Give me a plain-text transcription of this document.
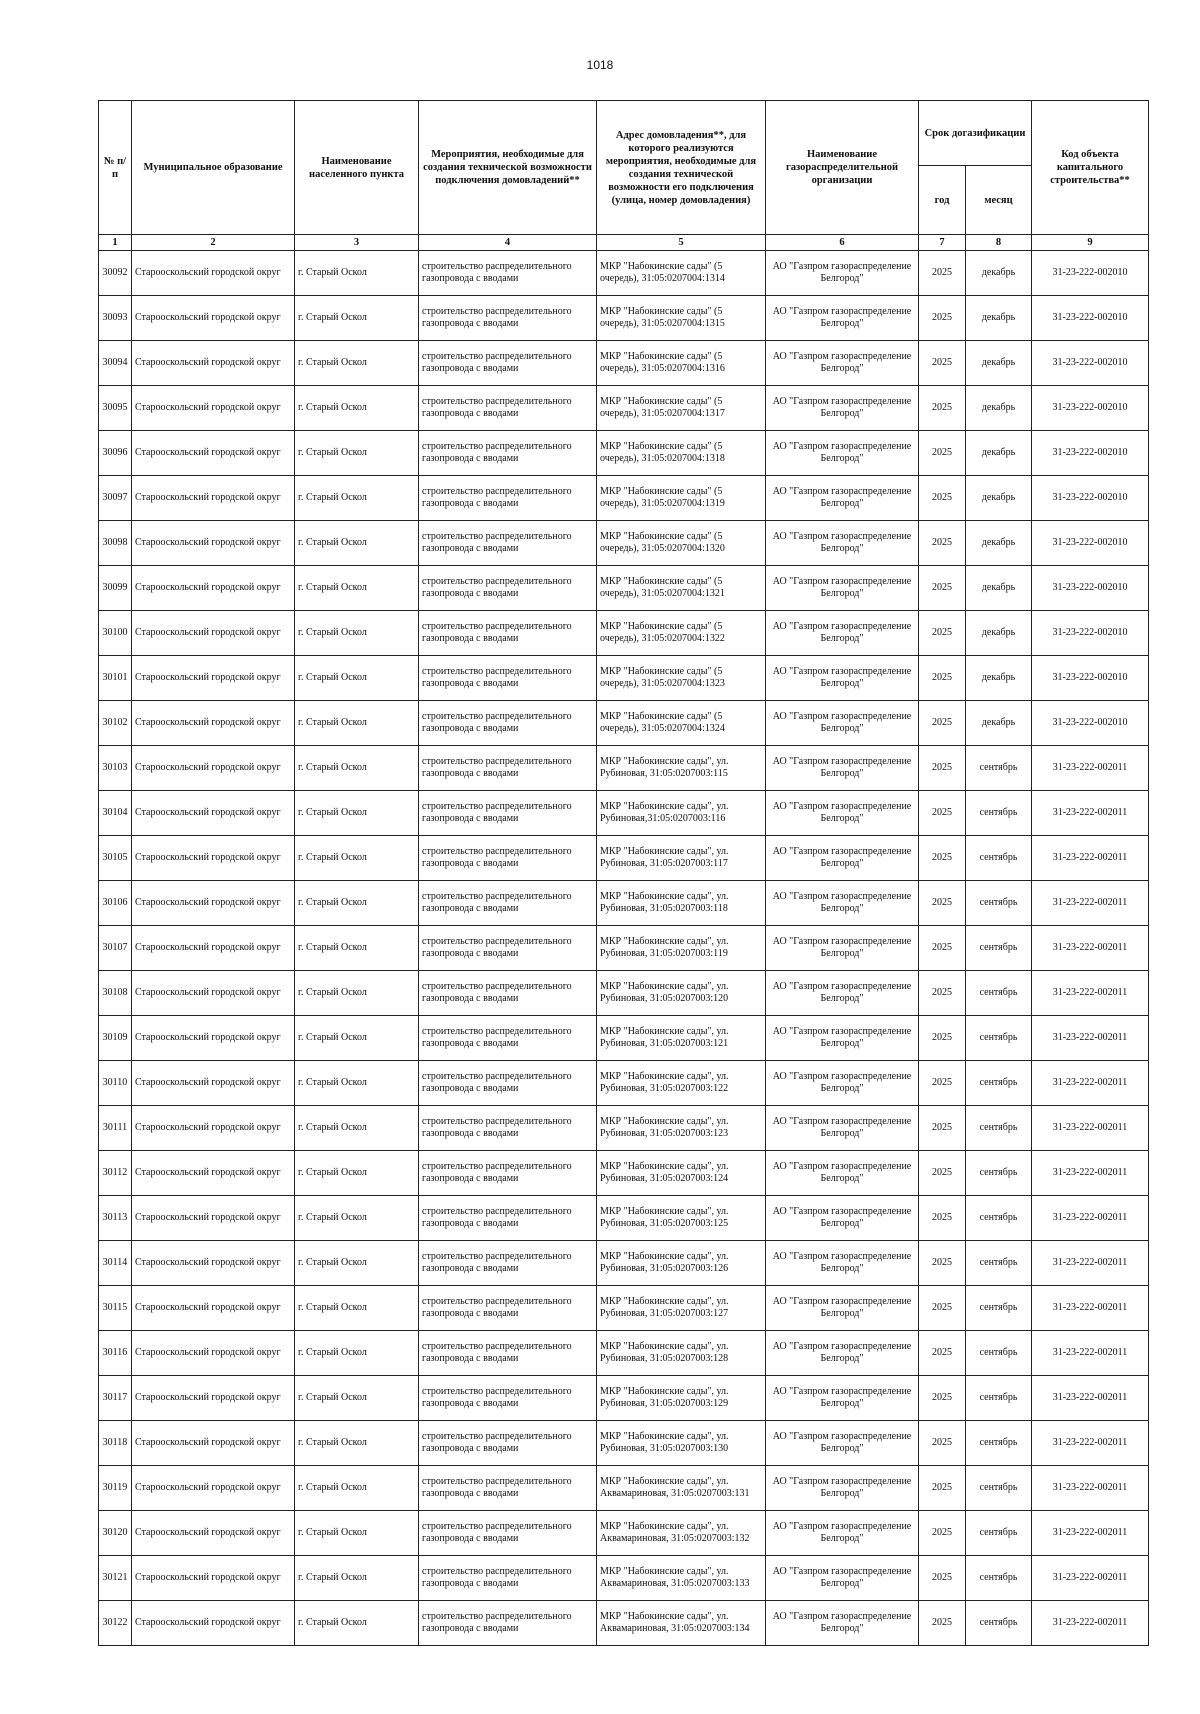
1018
№ п/п	Муниципальное образование	Наименование населенного пункта	Мероприятия, необходимые для создания технической возможности подключения домовладений**	Адрес домовладения**, для которого реализуются мероприятия, необходимые для создания технической возможности его подключения (улица, номер домовладения)	Наименование газораспределительной организации	Срок догазификации		Код объекта капитального строительства**
						год	месяц	
1	2	3	4	5	6	7	8	9
30092	Старооскольский городской округ	г. Старый Оскол	строительство распределительного газопровода с вводами	МКР "Набокинские сады" (5 очередь), 31:05:0207004:1314	АО "Газпром газораспределение Белгород"	2025	декабрь	31-23-222-002010
30093	Старооскольский городской округ	г. Старый Оскол	строительство распределительного газопровода с вводами	МКР "Набокинские сады" (5 очередь), 31:05:0207004:1315	АО "Газпром газораспределение Белгород"	2025	декабрь	31-23-222-002010
30094	Старооскольский городской округ	г. Старый Оскол	строительство распределительного газопровода с вводами	МКР "Набокинские сады" (5 очередь), 31:05:0207004:1316	АО "Газпром газораспределение Белгород"	2025	декабрь	31-23-222-002010
30095	Старооскольский городской округ	г. Старый Оскол	строительство распределительного газопровода с вводами	МКР "Набокинские сады" (5 очередь), 31:05:0207004:1317	АО "Газпром газораспределение Белгород"	2025	декабрь	31-23-222-002010
30096	Старооскольский городской округ	г. Старый Оскол	строительство распределительного газопровода с вводами	МКР "Набокинские сады" (5 очередь), 31:05:0207004:1318	АО "Газпром газораспределение Белгород"	2025	декабрь	31-23-222-002010
30097	Старооскольский городской округ	г. Старый Оскол	строительство распределительного газопровода с вводами	МКР "Набокинские сады" (5 очередь), 31:05:0207004:1319	АО "Газпром газораспределение Белгород"	2025	декабрь	31-23-222-002010
30098	Старооскольский городской округ	г. Старый Оскол	строительство распределительного газопровода с вводами	МКР "Набокинские сады" (5 очередь), 31:05:0207004:1320	АО "Газпром газораспределение Белгород"	2025	декабрь	31-23-222-002010
30099	Старооскольский городской округ	г. Старый Оскол	строительство распределительного газопровода с вводами	МКР "Набокинские сады" (5 очередь), 31:05:0207004:1321	АО "Газпром газораспределение Белгород"	2025	декабрь	31-23-222-002010
30100	Старооскольский городской округ	г. Старый Оскол	строительство распределительного газопровода с вводами	МКР "Набокинские сады" (5 очередь), 31:05:0207004:1322	АО "Газпром газораспределение Белгород"	2025	декабрь	31-23-222-002010
30101	Старооскольский городской округ	г. Старый Оскол	строительство распределительного газопровода с вводами	МКР "Набокинские сады" (5 очередь), 31:05:0207004:1323	АО "Газпром газораспределение Белгород"	2025	декабрь	31-23-222-002010
30102	Старооскольский городской округ	г. Старый Оскол	строительство распределительного газопровода с вводами	МКР "Набокинские сады" (5 очередь), 31:05:0207004:1324	АО "Газпром газораспределение Белгород"	2025	декабрь	31-23-222-002010
30103	Старооскольский городской округ	г. Старый Оскол	строительство распределительного газопровода с вводами	МКР "Набокинские сады", ул. Рубиновая, 31:05:0207003:115	АО "Газпром газораспределение Белгород"	2025	сентябрь	31-23-222-002011
30104	Старооскольский городской округ	г. Старый Оскол	строительство распределительного газопровода с вводами	МКР "Набокинские сады", ул. Рубиновая,31:05:0207003:116	АО "Газпром газораспределение Белгород"	2025	сентябрь	31-23-222-002011
30105	Старооскольский городской округ	г. Старый Оскол	строительство распределительного газопровода с вводами	МКР "Набокинские сады", ул. Рубиновая, 31:05:0207003:117	АО "Газпром газораспределение Белгород"	2025	сентябрь	31-23-222-002011
30106	Старооскольский городской округ	г. Старый Оскол	строительство распределительного газопровода с вводами	МКР "Набокинские сады", ул. Рубиновая, 31:05:0207003:118	АО "Газпром газораспределение Белгород"	2025	сентябрь	31-23-222-002011
30107	Старооскольский городской округ	г. Старый Оскол	строительство распределительного газопровода с вводами	МКР "Набокинские сады", ул. Рубиновая, 31:05:0207003:119	АО "Газпром газораспределение Белгород"	2025	сентябрь	31-23-222-002011
30108	Старооскольский городской округ	г. Старый Оскол	строительство распределительного газопровода с вводами	МКР "Набокинские сады", ул. Рубиновая, 31:05:0207003:120	АО "Газпром газораспределение Белгород"	2025	сентябрь	31-23-222-002011
30109	Старооскольский городской округ	г. Старый Оскол	строительство распределительного газопровода с вводами	МКР "Набокинские сады", ул. Рубиновая, 31:05:0207003:121	АО "Газпром газораспределение Белгород"	2025	сентябрь	31-23-222-002011
30110	Старооскольский городской округ	г. Старый Оскол	строительство распределительного газопровода с вводами	МКР "Набокинские сады", ул. Рубиновая, 31:05:0207003:122	АО "Газпром газораспределение Белгород"	2025	сентябрь	31-23-222-002011
30111	Старооскольский городской округ	г. Старый Оскол	строительство распределительного газопровода с вводами	МКР "Набокинские сады", ул. Рубиновая, 31:05:0207003:123	АО "Газпром газораспределение Белгород"	2025	сентябрь	31-23-222-002011
30112	Старооскольский городской округ	г. Старый Оскол	строительство распределительного газопровода с вводами	МКР "Набокинские сады", ул. Рубиновая, 31:05:0207003:124	АО "Газпром газораспределение Белгород"	2025	сентябрь	31-23-222-002011
30113	Старооскольский городской округ	г. Старый Оскол	строительство распределительного газопровода с вводами	МКР "Набокинские сады", ул. Рубиновая, 31:05:0207003:125	АО "Газпром газораспределение Белгород"	2025	сентябрь	31-23-222-002011
30114	Старооскольский городской округ	г. Старый Оскол	строительство распределительного газопровода с вводами	МКР "Набокинские сады", ул. Рубиновая, 31:05:0207003:126	АО "Газпром газораспределение Белгород"	2025	сентябрь	31-23-222-002011
30115	Старооскольский городской округ	г. Старый Оскол	строительство распределительного газопровода с вводами	МКР "Набокинские сады", ул. Рубиновая, 31:05:0207003:127	АО "Газпром газораспределение Белгород"	2025	сентябрь	31-23-222-002011
30116	Старооскольский городской округ	г. Старый Оскол	строительство распределительного газопровода с вводами	МКР "Набокинские сады", ул. Рубиновая, 31:05:0207003:128	АО "Газпром газораспределение Белгород"	2025	сентябрь	31-23-222-002011
30117	Старооскольский городской округ	г. Старый Оскол	строительство распределительного газопровода с вводами	МКР "Набокинские сады", ул. Рубиновая, 31:05:0207003:129	АО "Газпром газораспределение Белгород"	2025	сентябрь	31-23-222-002011
30118	Старооскольский городской округ	г. Старый Оскол	строительство распределительного газопровода с вводами	МКР "Набокинские сады", ул. Рубиновая, 31:05:0207003:130	АО "Газпром газораспределение Белгород"	2025	сентябрь	31-23-222-002011
30119	Старооскольский городской округ	г. Старый Оскол	строительство распределительного газопровода с вводами	МКР "Набокинские сады", ул. Аквамариновая, 31:05:0207003:131	АО "Газпром газораспределение Белгород"	2025	сентябрь	31-23-222-002011
30120	Старооскольский городской округ	г. Старый Оскол	строительство распределительного газопровода с вводами	МКР "Набокинские сады", ул. Аквамариновая, 31:05:0207003:132	АО "Газпром газораспределение Белгород"	2025	сентябрь	31-23-222-002011
30121	Старооскольский городской округ	г. Старый Оскол	строительство распределительного газопровода с вводами	МКР "Набокинские сады", ул. Аквамариновая, 31:05:0207003:133	АО "Газпром газораспределение Белгород"	2025	сентябрь	31-23-222-002011
30122	Старооскольский городской округ	г. Старый Оскол	строительство распределительного газопровода с вводами	МКР "Набокинские сады", ул. Аквамариновая, 31:05:0207003:134	АО "Газпром газораспределение Белгород"	2025	сентябрь	31-23-222-002011
